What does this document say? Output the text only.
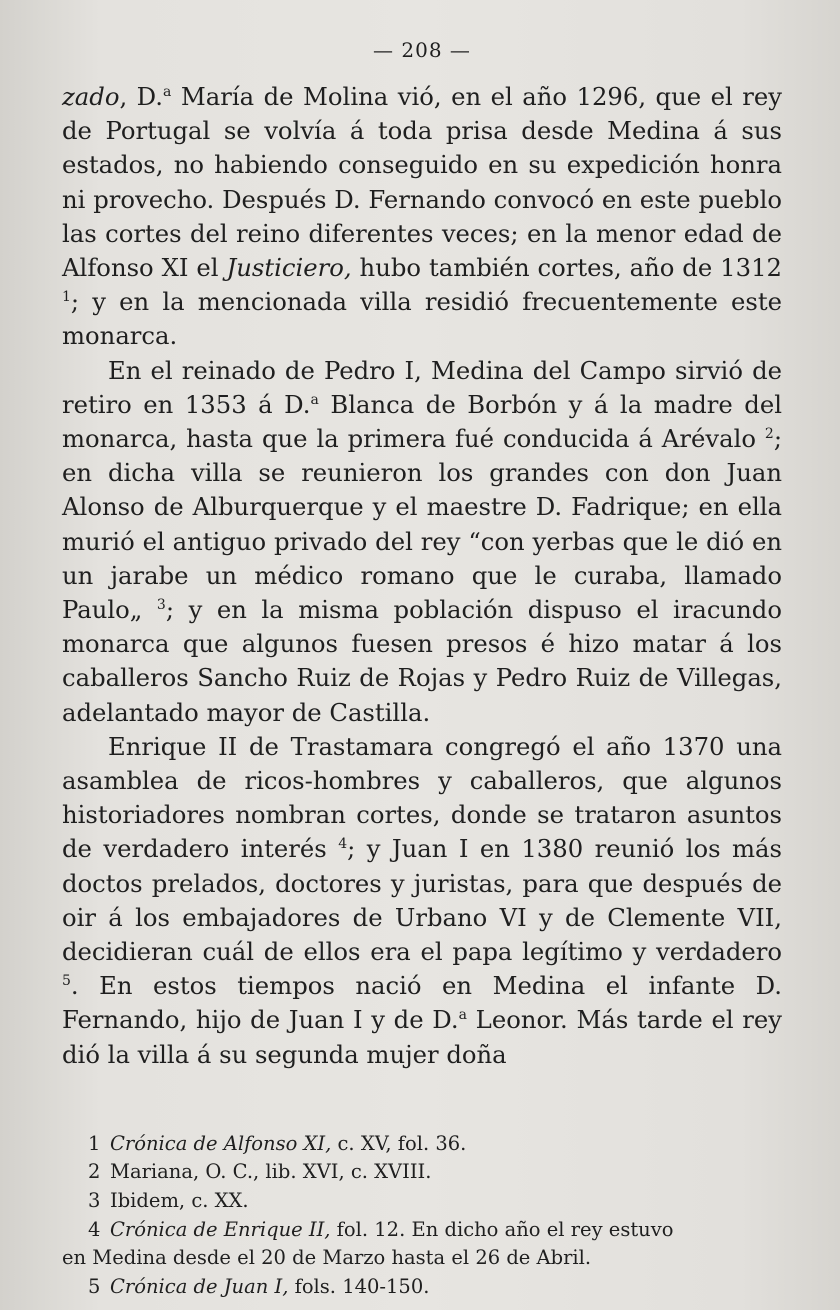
— 208 —

zado, D.$^a$ María de Molina vió, en el año 1296, que el rey de Portugal se volvía á toda prisa desde Medina á sus estados, no habiendo conseguido en su expedición honra ni provecho. Después D. Fernando convocó en este pueblo las cortes del reino diferentes veces; en la menor edad de Alfonso XI el Justiciero, hubo también cortes, año de 1312 $^1$; y en la mencionada villa residió frecuentemente este monarca.

En el reinado de Pedro I, Medina del Campo sirvió de retiro en 1353 á D.$^a$ Blanca de Borbón y á la madre del monarca, hasta que la primera fué conducida á Arévalo $^2$; en dicha villa se reunieron los grandes con don Juan Alonso de Alburquerque y el maestre D. Fadrique; en ella murió el antiguo privado del rey “con yerbas que le dió en un jarabe un médico romano que le curaba, llamado Paulo„ $^3$; y en la misma población dispuso el iracundo monarca que algunos fuesen presos é hizo matar á los caballeros Sancho Ruiz de Rojas y Pedro Ruiz de Villegas, adelantado mayor de Castilla.

Enrique II de Trastamara congregó el año 1370 una asamblea de ricos-hombres y caballeros, que algunos historiadores nombran cortes, donde se trataron asuntos de verdadero interés $^4$; y Juan I en 1380 reunió los más doctos prelados, doctores y juristas, para que después de oir á los embajadores de Urbano VI y de Clemente VII, decidieran cuál de ellos era el papa legítimo y verdadero $^5$. En estos tiempos nació en Medina el infante D. Fernando, hijo de Juan I y de D.$^a$ Leonor. Más tarde el rey dió la villa á su segunda mujer doña

1 Crónica de Alfonso XI, c. XV, fol. 36.

2 Mariana, O. C., lib. XVI, c. XVIII.

3 Ibidem, c. XX.

4 Crónica de Enrique II, fol. 12. En dicho año el rey estuvo

en Medina desde el 20 de Marzo hasta el 26 de Abril.

5 Crónica de Juan I, fols. 140-150.
